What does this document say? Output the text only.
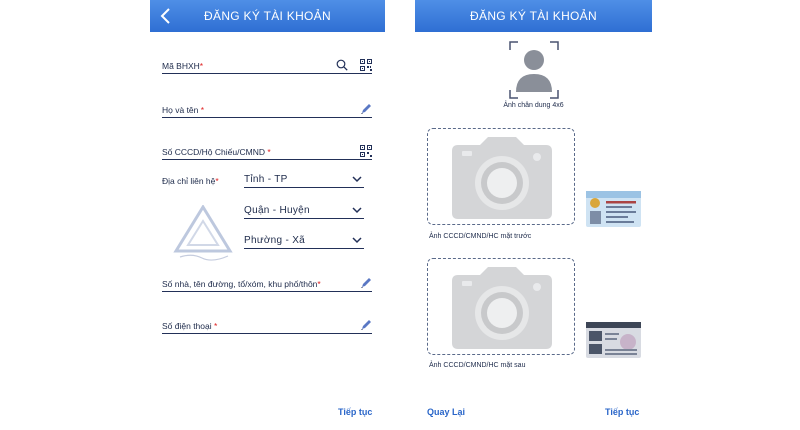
ĐĂNG KÝ TÀI KHOẢN
Mã BHXH*
Họ và tên *
Số CCCD/Hộ Chiếu/CMND *
Địa chỉ liên hệ*	Tỉnh - TP
Quận - Huyện
Phường - Xã
Số nhà, tên đường, tổ/xóm, khu phố/thôn*
Số điện thoại *
Tiếp tục
ĐĂNG KÝ TÀI KHOẢN
Ảnh chân dung 4x6
Ảnh CCCD/CMND/HC mặt trước
Ảnh CCCD/CMND/HC mặt sau
Quay Lại	Tiếp tục
